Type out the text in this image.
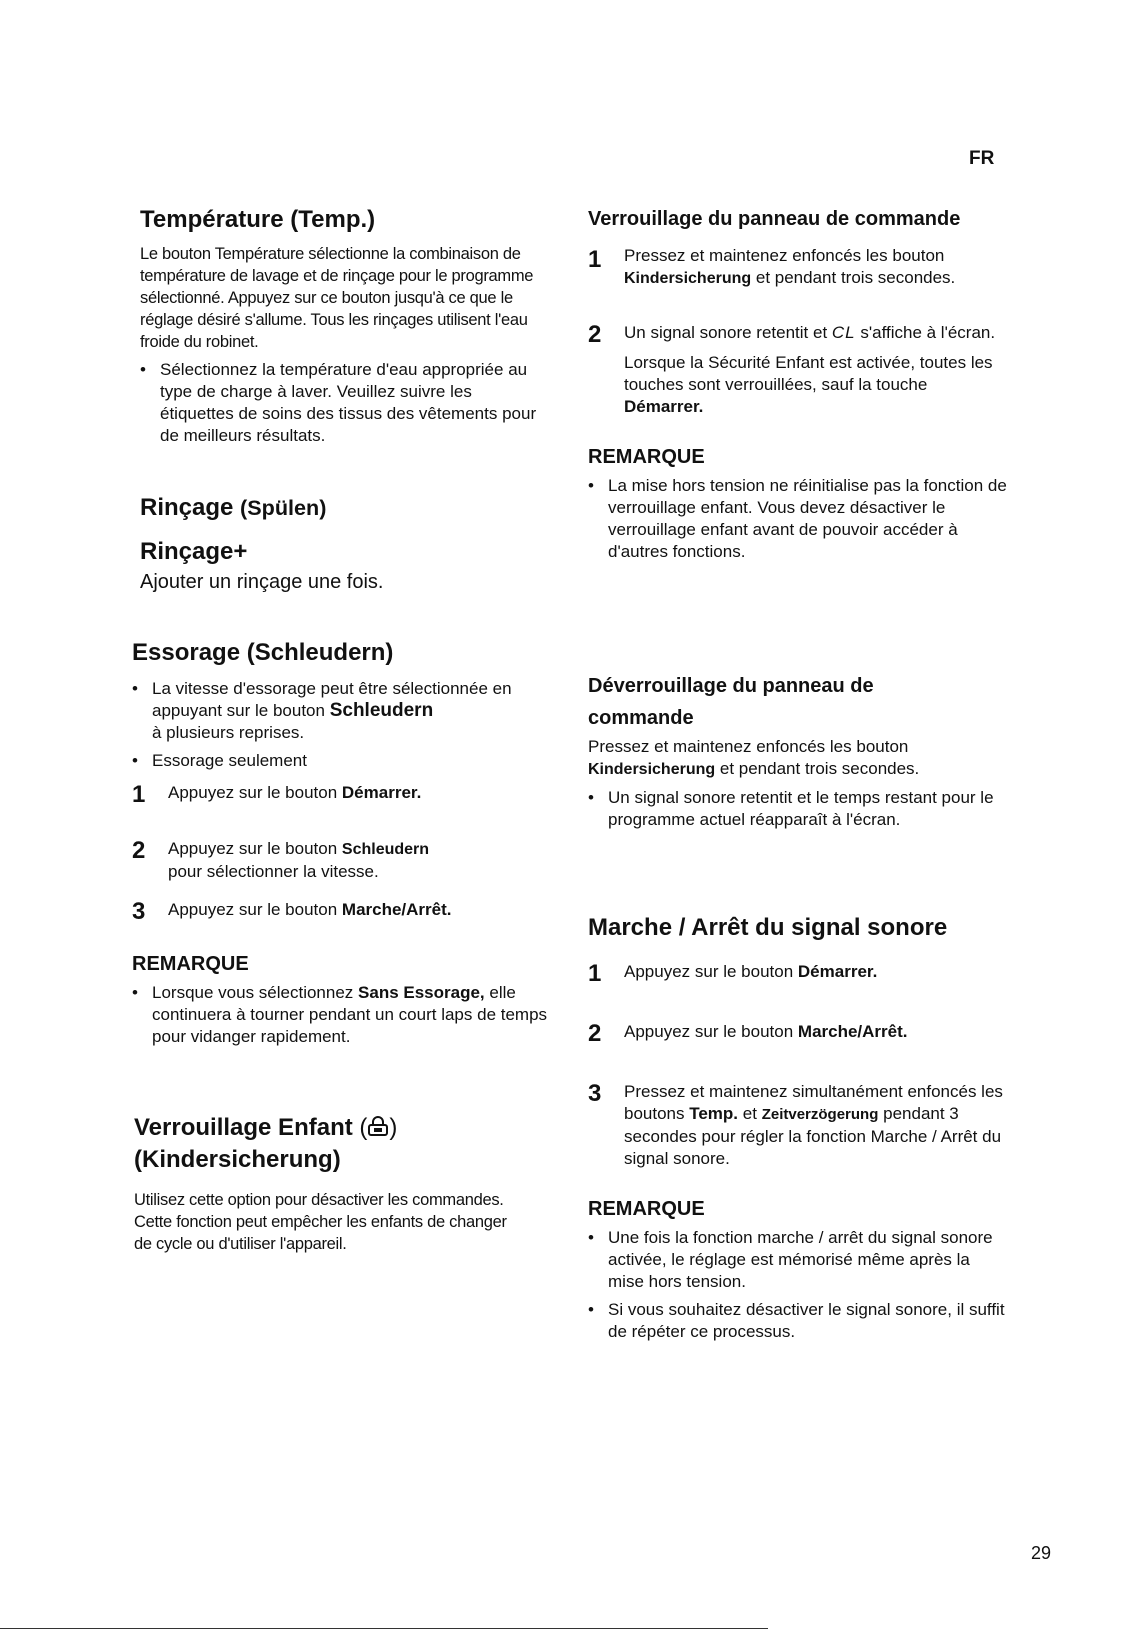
FR
Température (Temp.)

Le bouton Température sélectionne la combinaison de température de lavage et de rinçage pour le programme sélectionné. Appuyez sur ce bouton jusqu'à ce que le réglage désiré s'allume. Tous les rinçages utilisent l'eau froide du robinet.

• Sélectionnez la température d'eau appropriée au type de charge à laver. Veuillez suivre les étiquettes de soins des tissus des vêtements pour de meilleurs résultats.
Rinçage (Spülen)
Rinçage+

Ajouter un rinçage une fois.

Essorage (Schleudern)
• La vitesse d'essorage peut être sélectionnée en appuyant sur le bouton Schleudern
à plusieurs reprises.
• Essorage seulement
1 Appuyez sur le bouton Démarrer.
2 Appuyez sur le bouton Schleudern
pour sélectionner la vitesse.
3 Appuyez sur le bouton Marche/Arrêt.
REMARQUE
• Lorsque vous sélectionnez Sans Essorage, elle continuera à tourner pendant un court laps de temps pour vidanger rapidement.
Verrouillage Enfant ( )
(Kindersicherung)

Utilisez cette option pour désactiver les commandes. Cette fonction peut empêcher les enfants de changer de cycle ou d'utiliser l'appareil.

Verrouillage du panneau de commande
1 Pressez et maintenez enfoncés les bouton
Kindersicherung et pendant trois secondes.
2 Un signal sonore retentit et CL s'affiche à l'écran.
Lorsque la Sécurité Enfant est activée, toutes les touches sont verrouillées, sauf la touche Démarrer.
REMARQUE
• La mise hors tension ne réinitialise pas la fonction de verrouillage enfant. Vous devez désactiver le verrouillage enfant avant de pouvoir accéder à d'autres fonctions.
Déverrouillage du panneau de
commande

Pressez et maintenez enfoncés les bouton
Kindersicherung et pendant trois secondes.

• Un signal sonore retentit et le temps restant pour le programme actuel réapparaît à l'écran.
Marche / Arrêt du signal sonore
1 Appuyez sur le bouton Démarrer.
2 Appuyez sur le bouton Marche/Arrêt.
3 Pressez et maintenez simultanément enfoncés les boutons Temp. et Zeitverzögerung pendant 3 secondes pour régler la fonction Marche / Arrêt du signal sonore.
REMARQUE
• Une fois la fonction marche / arrêt du signal sonore activée, le réglage est mémorisé même après la mise hors tension.
• Si vous souhaitez désactiver le signal sonore, il suffit de répéter ce processus.
29
